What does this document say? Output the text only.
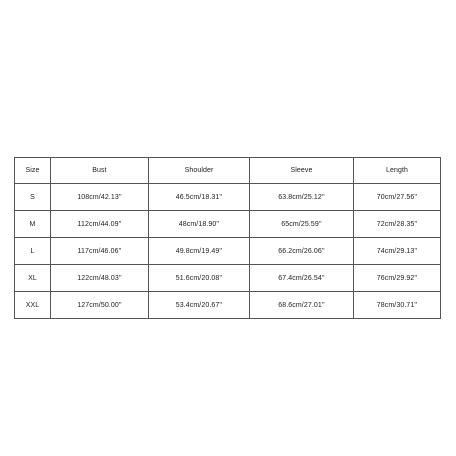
Size	Bust	Shoulder	Sleeve	Length
S	108cm/42.13''	46.5cm/18.31''	63.8cm/25.12''	70cm/27.56''
M	112cm/44.09''	48cm/18.90''	65cm/25.59''	72cm/28.35''
L	117cm/46.06''	49.8cm/19.49''	66.2cm/26.06''	74cm/29.13''
XL	122cm/48.03''	51.6cm/20.08''	67.4cm/26.54''	76cm/29.92''
XXL	127cm/50.00''	53.4cm/20.67''	68.6cm/27.01''	78cm/30.71''
